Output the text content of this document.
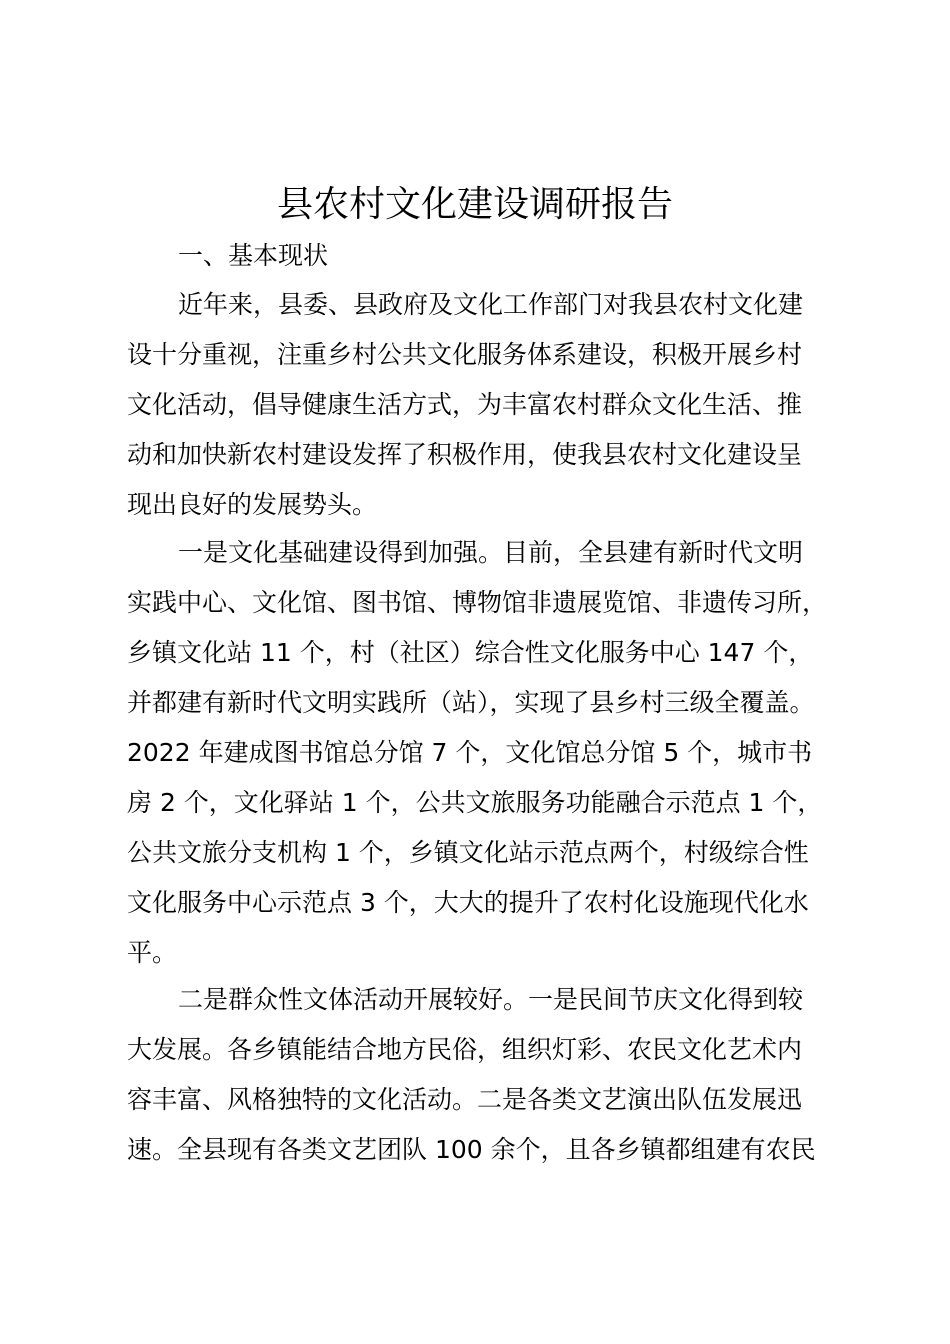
县农村文化建设调研报告
一、基本现状
近年来，县委、县政府及文化工作部门对我县农村文化建
设十分重视，注重乡村公共文化服务体系建设，积极开展乡村
文化活动，倡导健康生活方式，为丰富农村群众文化生活、推
动和加快新农村建设发挥了积极作用，使我县农村文化建设呈
现出良好的发展势头。
一是文化基础建设得到加强。目前，全县建有新时代文明
实践中心、文化馆、图书馆、博物馆非遗展览馆、非遗传习所，
乡镇文化站 11 个，村（社区）综合性文化服务中心 147 个，
并都建有新时代文明实践所（站），实现了县乡村三级全覆盖。
2022 年建成图书馆总分馆 7 个，文化馆总分馆 5 个，城市书
房 2 个，文化驿站 1 个，公共文旅服务功能融合示范点 1 个，
公共文旅分支机构 1 个，乡镇文化站示范点两个，村级综合性
文化服务中心示范点 3 个，大大的提升了农村化设施现代化水
平。
二是群众性文体活动开展较好。一是民间节庆文化得到较
大发展。各乡镇能结合地方民俗，组织灯彩、农民文化艺术内
容丰富、风格独特的文化活动。二是各类文艺演出队伍发展迅
速。全县现有各类文艺团队 100 余个，且各乡镇都组建有农民
